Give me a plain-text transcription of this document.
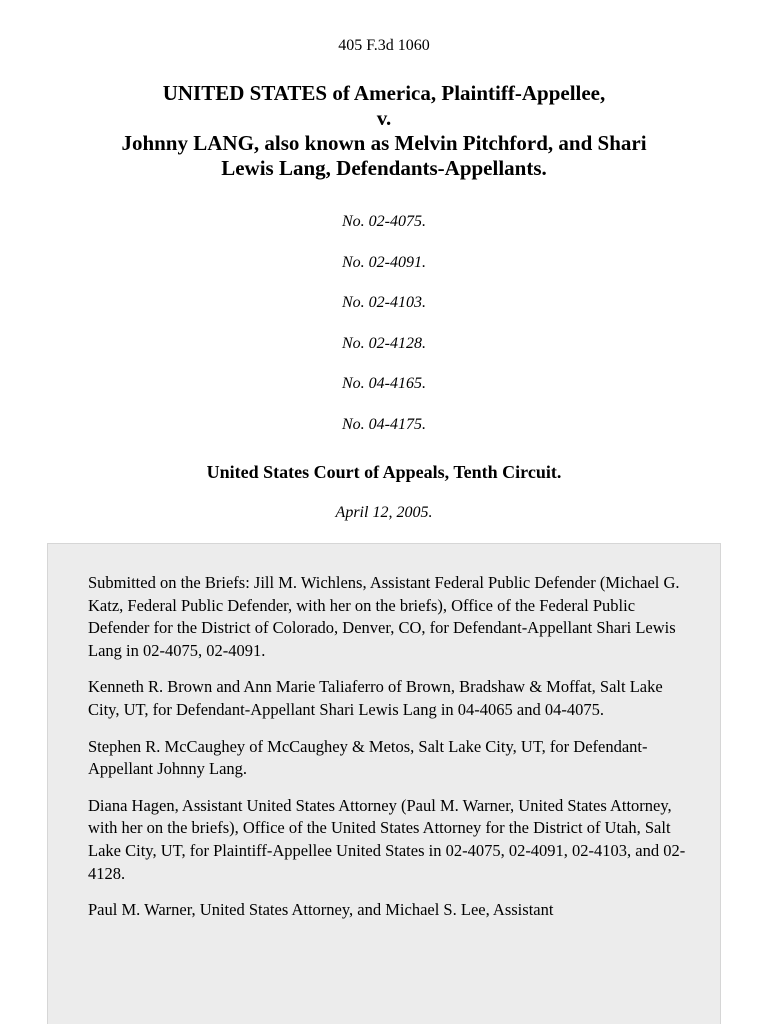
405 F.3d 1060
UNITED STATES of America, Plaintiff-Appellee,
v.
Johnny LANG, also known as Melvin Pitchford, and Shari
Lewis Lang, Defendants-Appellants.
No. 02-4075.
No. 02-4091.
No. 02-4103.
No. 02-4128.
No. 04-4165.
No. 04-4175.
United States Court of Appeals, Tenth Circuit.
April 12, 2005.

Submitted on the Briefs: Jill M. Wichlens, Assistant Federal Public Defender (Michael G. Katz, Federal Public Defender, with her on the briefs), Office of the Federal Public Defender for the District of Colorado, Denver, CO, for Defendant-Appellant Shari Lewis Lang in 02-4075, 02-4091.

Kenneth R. Brown and Ann Marie Taliaferro of Brown, Bradshaw & Moffat, Salt Lake City, UT, for Defendant-Appellant Shari Lewis Lang in 04-4065 and 04-4075.

Stephen R. McCaughey of McCaughey & Metos, Salt Lake City, UT, for Defendant-Appellant Johnny Lang.

Diana Hagen, Assistant United States Attorney (Paul M. Warner, United States Attorney, with her on the briefs), Office of the United States Attorney for the District of Utah, Salt Lake City, UT, for Plaintiff-Appellee United States in 02-4075, 02-4091, 02-4103, and 02-4128.

Paul M. Warner, United States Attorney, and Michael S. Lee, Assistant
